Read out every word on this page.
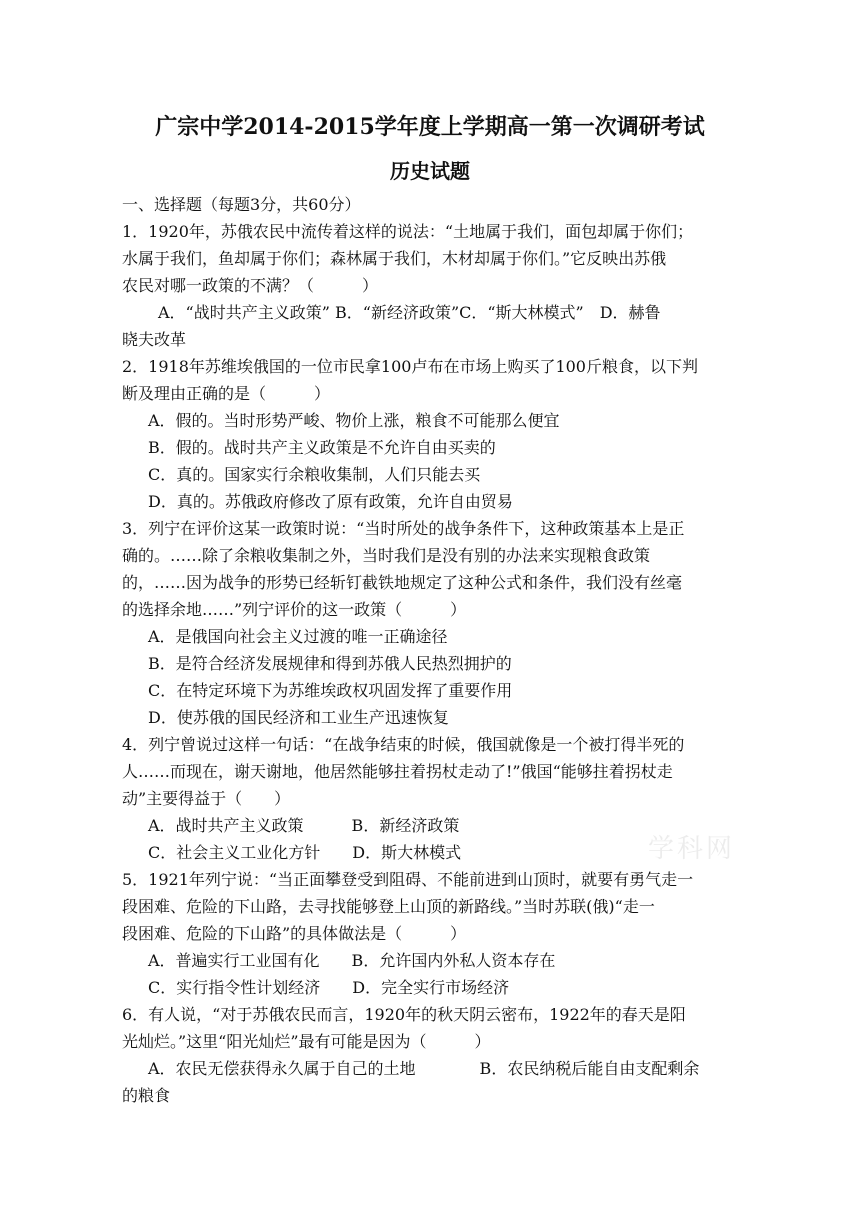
广宗中学2014-2015学年度上学期高一第一次调研考试
历史试题
一、选择题（每题3分，共60分）
1．1920年，苏俄农民中流传着这样的说法：“土地属于我们，面包却属于你们；
水属于我们，鱼却属于你们；森林属于我们，木材却属于你们。”它反映出苏俄
农民对哪一政策的不满？（　　　）
A．“战时共产主义政策” B．“新经济政策”C．“斯大林模式”　D．赫鲁
晓夫改革
2．1918年苏维埃俄国的一位市民拿100卢布在市场上购买了100斤粮食，以下判
断及理由正确的是（　　　）
A．假的。当时形势严峻、物价上涨，粮食不可能那么便宜
B．假的。战时共产主义政策是不允许自由买卖的
C．真的。国家实行余粮收集制，人们只能去买
D．真的。苏俄政府修改了原有政策，允许自由贸易
3．列宁在评价这某一政策时说：“当时所处的战争条件下，这种政策基本上是正
确的。……除了余粮收集制之外，当时我们是没有别的办法来实现粮食政策
的，……因为战争的形势已经斩钉截铁地规定了这种公式和条件，我们没有丝毫
的选择余地……”列宁评价的这一政策（　　　）
A．是俄国向社会主义过渡的唯一正确途径
B．是符合经济发展规律和得到苏俄人民热烈拥护的
C．在特定环境下为苏维埃政权巩固发挥了重要作用
D．使苏俄的国民经济和工业生产迅速恢复
4．列宁曾说过这样一句话：“在战争结束的时候，俄国就像是一个被打得半死的
人……而现在，谢天谢地，他居然能够拄着拐杖走动了!”俄国“能够拄着拐杖走
动”主要得益于（　　）
A．战时共产主义政策　　　B．新经济政策
C．社会主义工业化方针　　D．斯大林模式	学科网
5．1921年列宁说：“当正面攀登受到阻碍、不能前进到山顶时，就要有勇气走一
段困难、危险的下山路，去寻找能够登上山顶的新路线。”当时苏联(俄)“走一
段困难、危险的下山路”的具体做法是（　　　）
A．普遍实行工业国有化　　B．允许国内外私人资本存在
C．实行指令性计划经济　　D．完全实行市场经济
6．有人说，“对于苏俄农民而言，1920年的秋天阴云密布，1922年的春天是阳
光灿烂。”这里“阳光灿烂”最有可能是因为（　　　）
A．农民无偿获得永久属于自己的土地　　　　B．农民纳税后能自由支配剩余
的粮食
